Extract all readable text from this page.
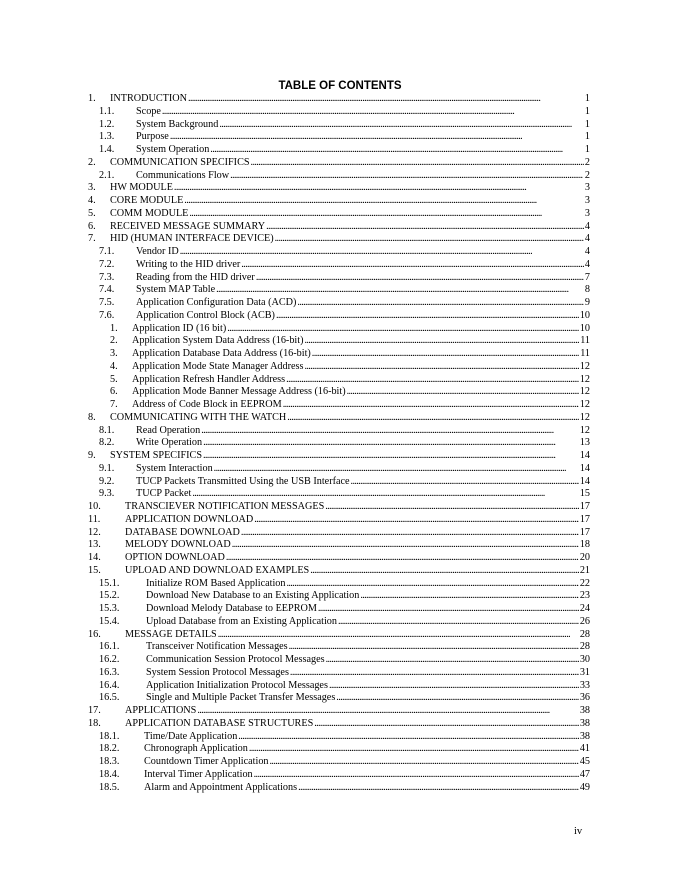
TABLE OF CONTENTS
1.	INTRODUCTION . . .	1
1.1.	Scope . . .	1
1.2.	System Background . . .	1
1.3.	Purpose . . .	1
1.4.	System Operation . . .	1
2.	COMMUNICATION SPECIFICS . . .	2
2.1.	Communications Flow . . .	2
3.	HW MODULE . . .	3
4.	CORE MODULE . . .	3
5.	COMM MODULE . . .	3
6.	RECEIVED MESSAGE SUMMARY . . .	4
7.	HID (HUMAN INTERFACE DEVICE) . . .	4
7.1.	Vendor ID . . .	4
7.2.	Writing to the HID driver . . .	4
7.3.	Reading from the HID driver . . .	7
7.4.	System MAP Table . . .	8
7.5.	Application Configuration Data (ACD) . . .	9
7.6.	Application Control Block (ACB) . . .	10
1.	Application ID (16 bit) . . .	10
2.	Application System Data Address (16-bit) . . .	11
3.	Application Database Data Address (16-bit) . . .	11
4.	Application Mode State Manager Address . . .	12
5.	Application Refresh Handler Address . . .	12
6.	Application Mode Banner Message Address (16-bit) . . .	12
7.	Address of Code Block in EEPROM . . .	12
8.	COMMUNICATING WITH THE WATCH . . .	12
8.1.	Read Operation . . .	12
8.2.	Write Operation . . .	13
9.	SYSTEM SPECIFICS . . .	14
9.1.	System Interaction . . .	14
9.2.	TUCP Packets Transmitted Using the USB Interface . . .	14
9.3.	TUCP Packet . . .	15
10.	TRANSCIEVER NOTIFICATION MESSAGES . . .	17
11.	APPLICATION DOWNLOAD . . .	17
12.	DATABASE DOWNLOAD . . .	17
13.	MELODY DOWNLOAD . . .	18
14.	OPTION DOWNLOAD . . .	20
15.	UPLOAD AND DOWNLOAD EXAMPLES . . .	21
15.1.	Initialize ROM Based Application . . .	22
15.2.	Download New Database to an Existing Application . . .	23
15.3.	Download Melody Database to EEPROM . . .	24
15.4.	Upload Database from an Existing Application . . .	26
16.	MESSAGE DETAILS . . .	28
16.1.	Transceiver Notification Messages . . .	28
16.2.	Communication Session Protocol Messages . . .	30
16.3.	System Session Protocol Messages . . .	31
16.4.	Application Initialization Protocol Messages . . .	33
16.5.	Single and Multiple Packet Transfer Messages . . .	36
17.	APPLICATIONS . . .	38
18.	APPLICATION DATABASE STRUCTURES . . .	38
18.1.	Time/Date Application . . .	38
18.2.	Chronograph Application . . .	41
18.3.	Countdown Timer Application . . .	45
18.4.	Interval Timer Application . . .	47
18.5.	Alarm and Appointment Applications . . .	49
iv
